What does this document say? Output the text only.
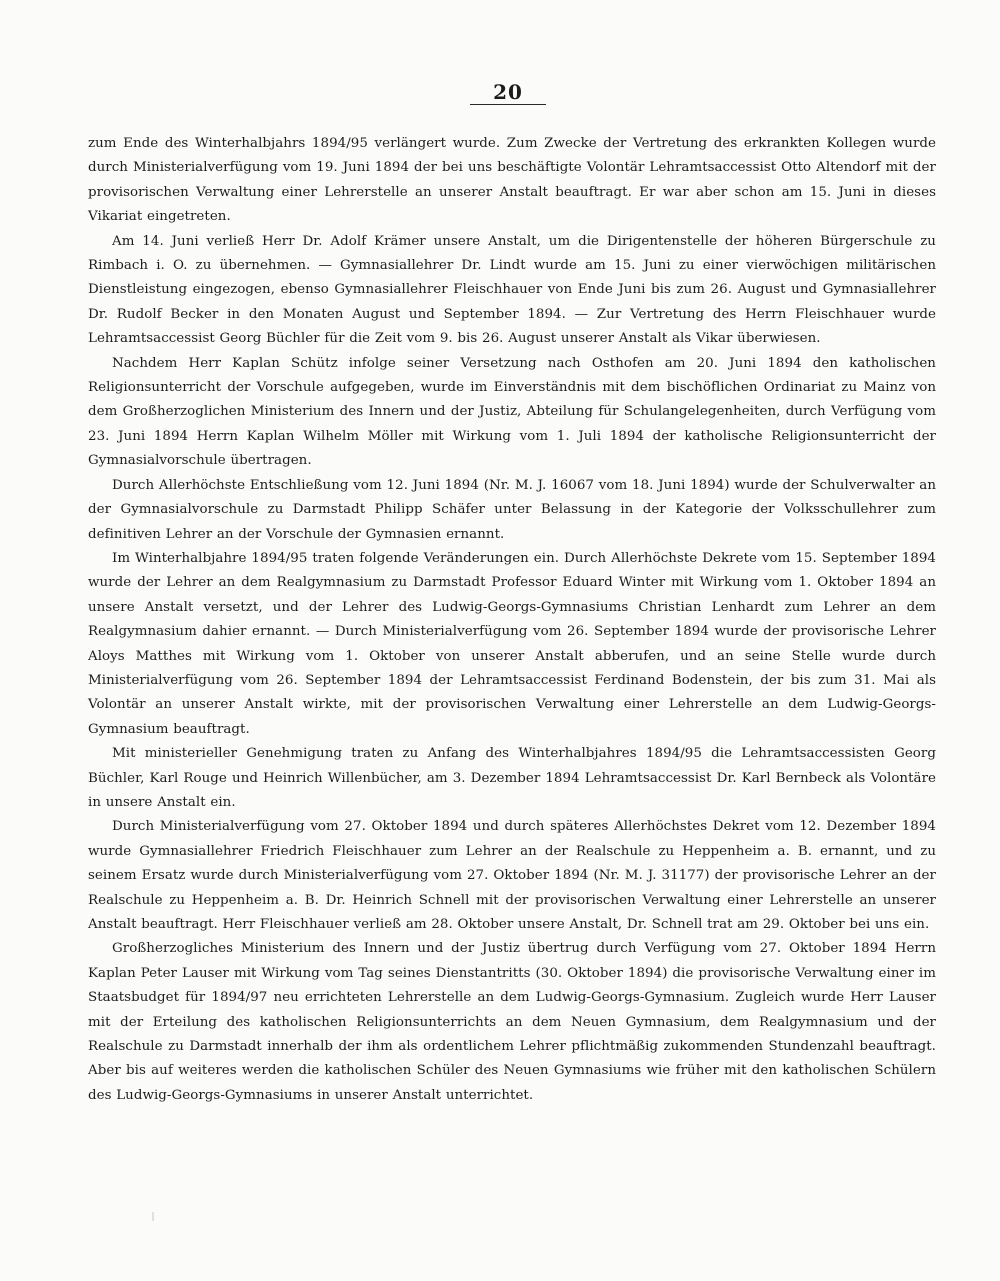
20

zum Ende des Winterhalbjahrs 1894/95 verlängert wurde. Zum Zwecke der Vertretung des erkrankten Kollegen wurde durch Ministerialverfügung vom 19. Juni 1894 der bei uns beschäftigte Volontär Lehramtsaccessist Otto Altendorf mit der provisorischen Verwaltung einer Lehrerstelle an unserer Anstalt beauftragt. Er war aber schon am 15. Juni in dieses Vikariat eingetreten.

Am 14. Juni verließ Herr Dr. Adolf Krämer unsere Anstalt, um die Dirigentenstelle der höheren Bürgerschule zu Rimbach i. O. zu übernehmen. — Gymnasiallehrer Dr. Lindt wurde am 15. Juni zu einer vierwöchigen militärischen Dienstleistung eingezogen, ebenso Gymnasiallehrer Fleischhauer von Ende Juni bis zum 26. August und Gymnasiallehrer Dr. Rudolf Becker in den Monaten August und September 1894. — Zur Vertretung des Herrn Fleischhauer wurde Lehramtsaccessist Georg Büchler für die Zeit vom 9. bis 26. August unserer Anstalt als Vikar überwiesen.

Nachdem Herr Kaplan Schütz infolge seiner Versetzung nach Osthofen am 20. Juni 1894 den katholischen Religionsunterricht der Vorschule aufgegeben, wurde im Einverständnis mit dem bischöflichen Ordinariat zu Mainz von dem Großherzoglichen Ministerium des Innern und der Justiz, Abteilung für Schulangelegenheiten, durch Verfügung vom 23. Juni 1894 Herrn Kaplan Wilhelm Möller mit Wirkung vom 1. Juli 1894 der katholische Religionsunterricht der Gymnasialvorschule übertragen.

Durch Allerhöchste Entschließung vom 12. Juni 1894 (Nr. M. J. 16067 vom 18. Juni 1894) wurde der Schulverwalter an der Gymnasialvorschule zu Darmstadt Philipp Schäfer unter Belassung in der Kategorie der Volksschullehrer zum definitiven Lehrer an der Vorschule der Gymnasien ernannt.

Im Winterhalbjahre 1894/95 traten folgende Veränderungen ein. Durch Allerhöchste Dekrete vom 15. September 1894 wurde der Lehrer an dem Realgymnasium zu Darmstadt Professor Eduard Winter mit Wirkung vom 1. Oktober 1894 an unsere Anstalt versetzt, und der Lehrer des Ludwig-Georgs-Gymnasiums Christian Lenhardt zum Lehrer an dem Realgymnasium dahier ernannt. — Durch Ministerialverfügung vom 26. September 1894 wurde der provisorische Lehrer Aloys Matthes mit Wirkung vom 1. Oktober von unserer Anstalt abberufen, und an seine Stelle wurde durch Ministerialverfügung vom 26. September 1894 der Lehramtsaccessist Ferdinand Bodenstein, der bis zum 31. Mai als Volontär an unserer Anstalt wirkte, mit der provisorischen Verwaltung einer Lehrerstelle an dem Ludwig-Georgs-Gymnasium beauftragt.

Mit ministerieller Genehmigung traten zu Anfang des Winterhalbjahres 1894/95 die Lehramtsaccessisten Georg Büchler, Karl Rouge und Heinrich Willenbücher, am 3. Dezember 1894 Lehramtsaccessist Dr. Karl Bernbeck als Volontäre in unsere Anstalt ein.

Durch Ministerialverfügung vom 27. Oktober 1894 und durch späteres Allerhöchstes Dekret vom 12. Dezember 1894 wurde Gymnasiallehrer Friedrich Fleischhauer zum Lehrer an der Realschule zu Heppenheim a. B. ernannt, und zu seinem Ersatz wurde durch Ministerialverfügung vom 27. Oktober 1894 (Nr. M. J. 31177) der provisorische Lehrer an der Realschule zu Heppenheim a. B. Dr. Heinrich Schnell mit der provisorischen Verwaltung einer Lehrerstelle an unserer Anstalt beauftragt. Herr Fleischhauer verließ am 28. Oktober unsere Anstalt, Dr. Schnell trat am 29. Oktober bei uns ein.

Großherzogliches Ministerium des Innern und der Justiz übertrug durch Verfügung vom 27. Oktober 1894 Herrn Kaplan Peter Lauser mit Wirkung vom Tag seines Dienstantritts (30. Oktober 1894) die provisorische Verwaltung einer im Staatsbudget für 1894/97 neu errichteten Lehrerstelle an dem Ludwig-Georgs-Gymnasium. Zugleich wurde Herr Lauser mit der Erteilung des katholischen Religionsunterrichts an dem Neuen Gymnasium, dem Realgymnasium und der Realschule zu Darmstadt innerhalb der ihm als ordentlichem Lehrer pflichtmäßig zukommenden Stundenzahl beauftragt. Aber bis auf weiteres werden die katholischen Schüler des Neuen Gymnasiums wie früher mit den katholischen Schülern des Ludwig-Georgs-Gymnasiums in unserer Anstalt unterrichtet.
